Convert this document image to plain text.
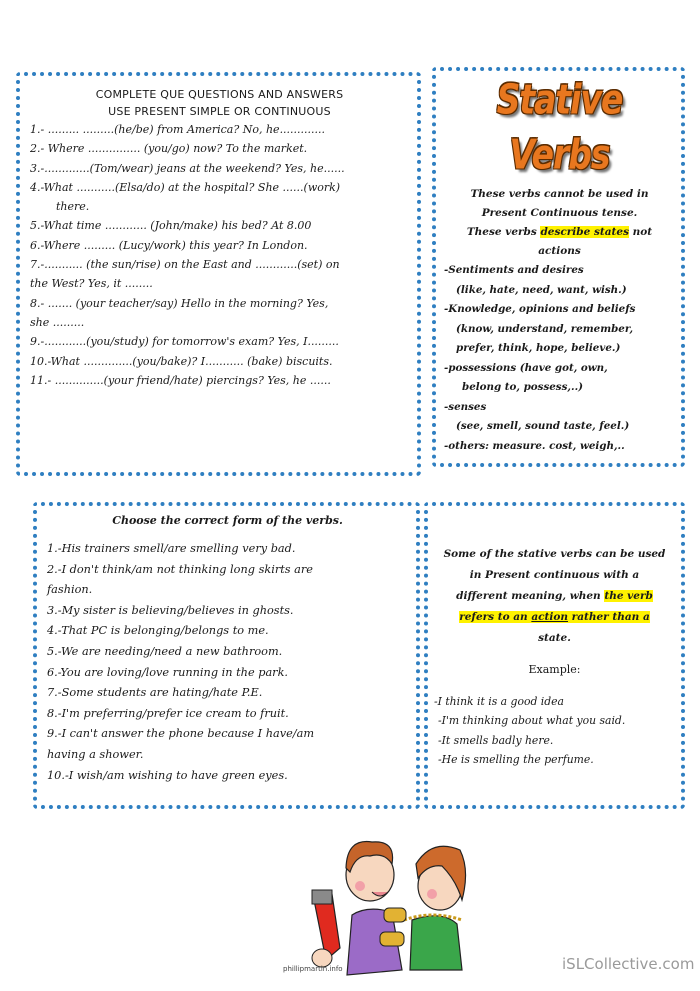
COMPLETE QUE QUESTIONS AND ANSWERS
USE PRESENT SIMPLE OR CONTINUOUS
1.- ......... .........(he/be) from America? No, he.............
2.- Where ............... (you/go) now? To the market.
3.-.............(Tom/wear) jeans at the weekend? Yes, he......
4.-What ...........(Elsa/do) at the hospital? She ......(work)
there.
5.-What time ............ (John/make) his bed? At 8.00
6.-Where ......... (Lucy/work) this year? In London.
7.-........... (the sun/rise) on the East and ............(set) on
the West? Yes, it ........
8.- ....... (your teacher/say) Hello in the morning? Yes,
she .........
9.-............(you/study) for tomorrow's exam? Yes, I.........
10.-What ..............(you/bake)? I........... (bake) biscuits.
11.- ..............(your friend/hate) piercings? Yes, he ......
Stative Verbs
These verbs cannot be used in
Present Continuous tense.
These verbs describe states not
actions
-Sentiments and desires
(like, hate, need, want, wish.)
-Knowledge, opinions and beliefs
(know, understand, remember,
prefer, think, hope, believe.)
-possessions (have got, own,
belong to, possess,..)
-senses
(see, smell, sound taste, feel.)
-others: measure. cost, weigh,..
Choose the correct form of the verbs.
1.-His trainers smell/are smelling very bad.
2.-I don't think/am not thinking long skirts are
fashion.
3.-My sister is believing/believes in ghosts.
4.-That PC is belonging/belongs to me.
5.-We are needing/need a new bathroom.
6.-You are loving/love running in the park.
7.-Some students are hating/hate P.E.
8.-I'm preferring/prefer ice cream to fruit.
9.-I can't answer the phone because I have/am
having a shower.
10.-I wish/am wishing to have green eyes.
Some of the stative verbs can be used
in Present continuous with a
different meaning, when the verb
refers to an action rather than a
state.
Example:
-I think it is a good idea
-I'm thinking about what you said.
-It smells badly here.
-He is smelling the perfume.
phillipmartin.info	iSLCollective.com
